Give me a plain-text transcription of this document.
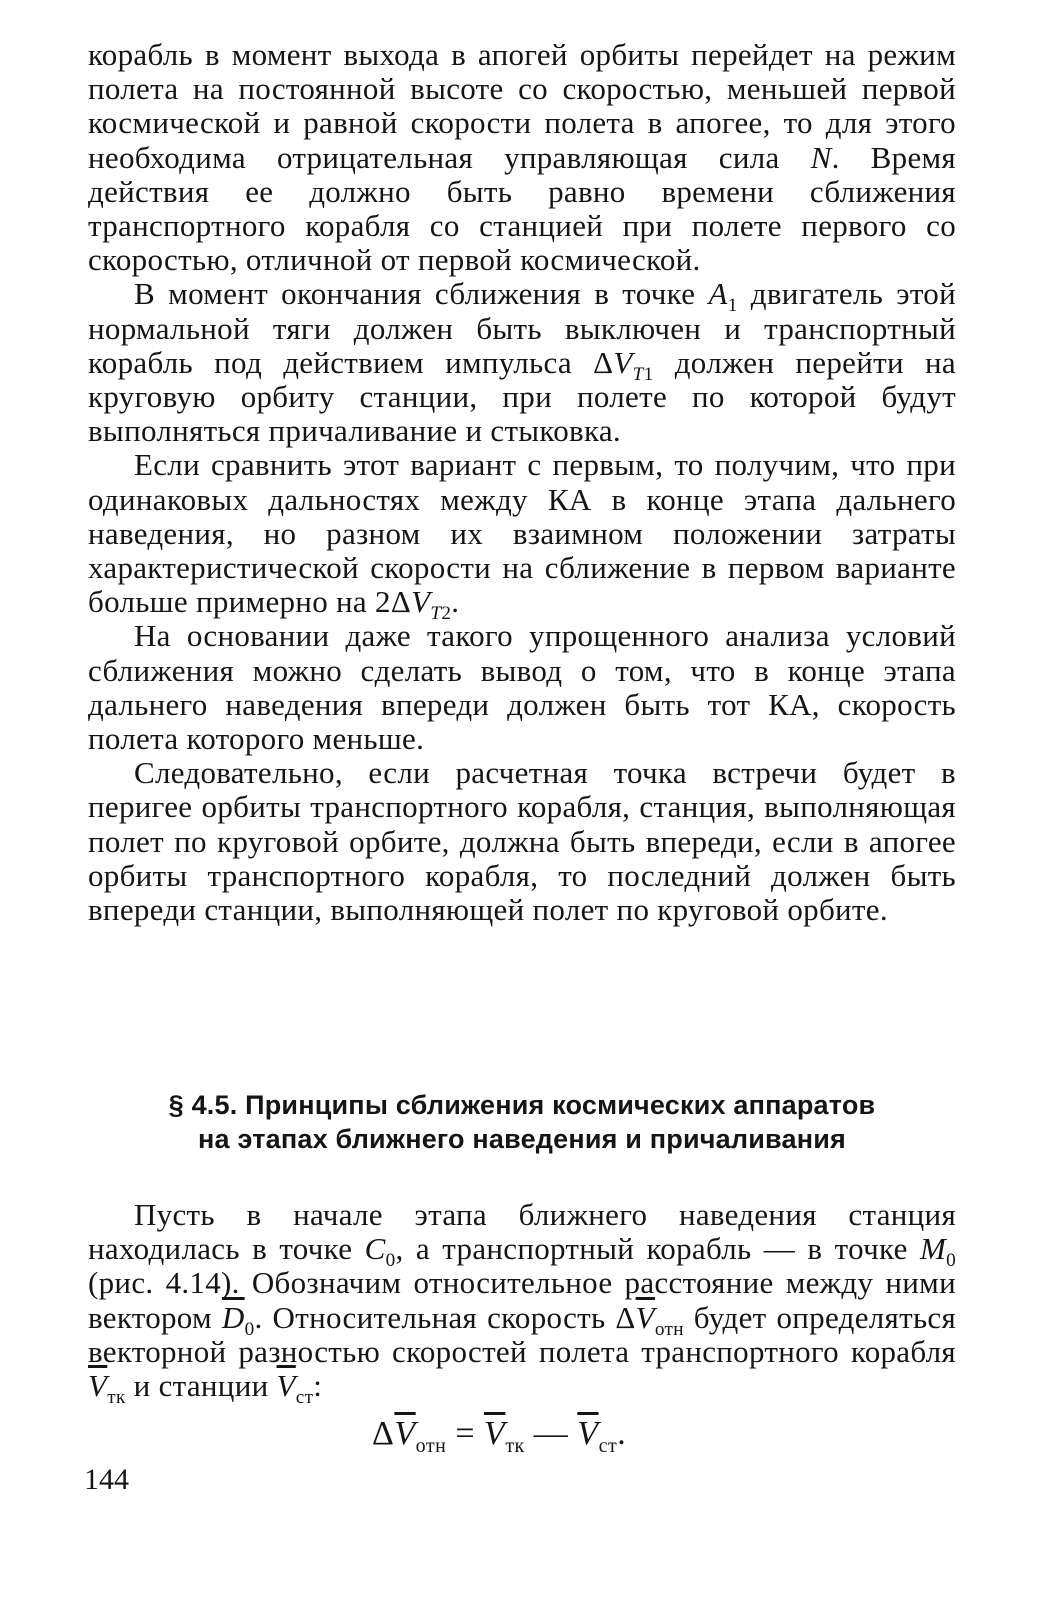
корабль в момент выхода в апогей орбиты перейдет на режим полета на постоянной высоте со скоростью, меньшей первой космической и равной скорости полета в апогее, то для этого необходима отрицательная управляющая сила N. Время действия ее должно быть равно времени сближения транспортного корабля со станцией при полете первого со скоростью, отличной от первой космической.

В момент окончания сближения в точке $A_1$ двигатель этой нормальной тяги должен быть выключен и транспортный корабль под действием импульса $\Delta V_{T1}$ должен перейти на круговую орбиту станции, при полете по которой будут выполняться причаливание и стыковка.

Если сравнить этот вариант с первым, то получим, что при одинаковых дальностях между КА в конце этапа дальнего наведения, но разном их взаимном положении затраты характеристической скорости на сближение в первом варианте больше примерно на $2\Delta V_{T2}$.

На основании даже такого упрощенного анализа условий сближения можно сделать вывод о том, что в конце этапа дальнего наведения впереди должен быть тот КА, скорость полета которого меньше.

Следовательно, если расчетная точка встречи будет в перигее орбиты транспортного корабля, станция, выполняющая полет по круговой орбите, должна быть впереди, если в апогее орбиты транспортного корабля, то последний должен быть впереди станции, выполняющей полет по круговой орбите.

§ 4.5. Принципы сближения космических аппаратов
на этапах ближнего наведения и причаливания

Пусть в начале этапа ближнего наведения станция находилась в точке $C_0$, а транспортный корабль — в точке $M_0$ (рис. 4.14). Обозначим относительное расстояние между ними вектором $\overline{D}_0$. Относительная скорость $\Delta\overline{V}_{отн}$ будет определяться векторной разностью скоростей полета транспортного корабля $\overline{V}_{тк}$ и станции $\overline{V}_{ст}$:

$\Delta\overline{V}_{отн} = \overline{V}_{тк}$ — $\overline{V}_{ст}$.
144
